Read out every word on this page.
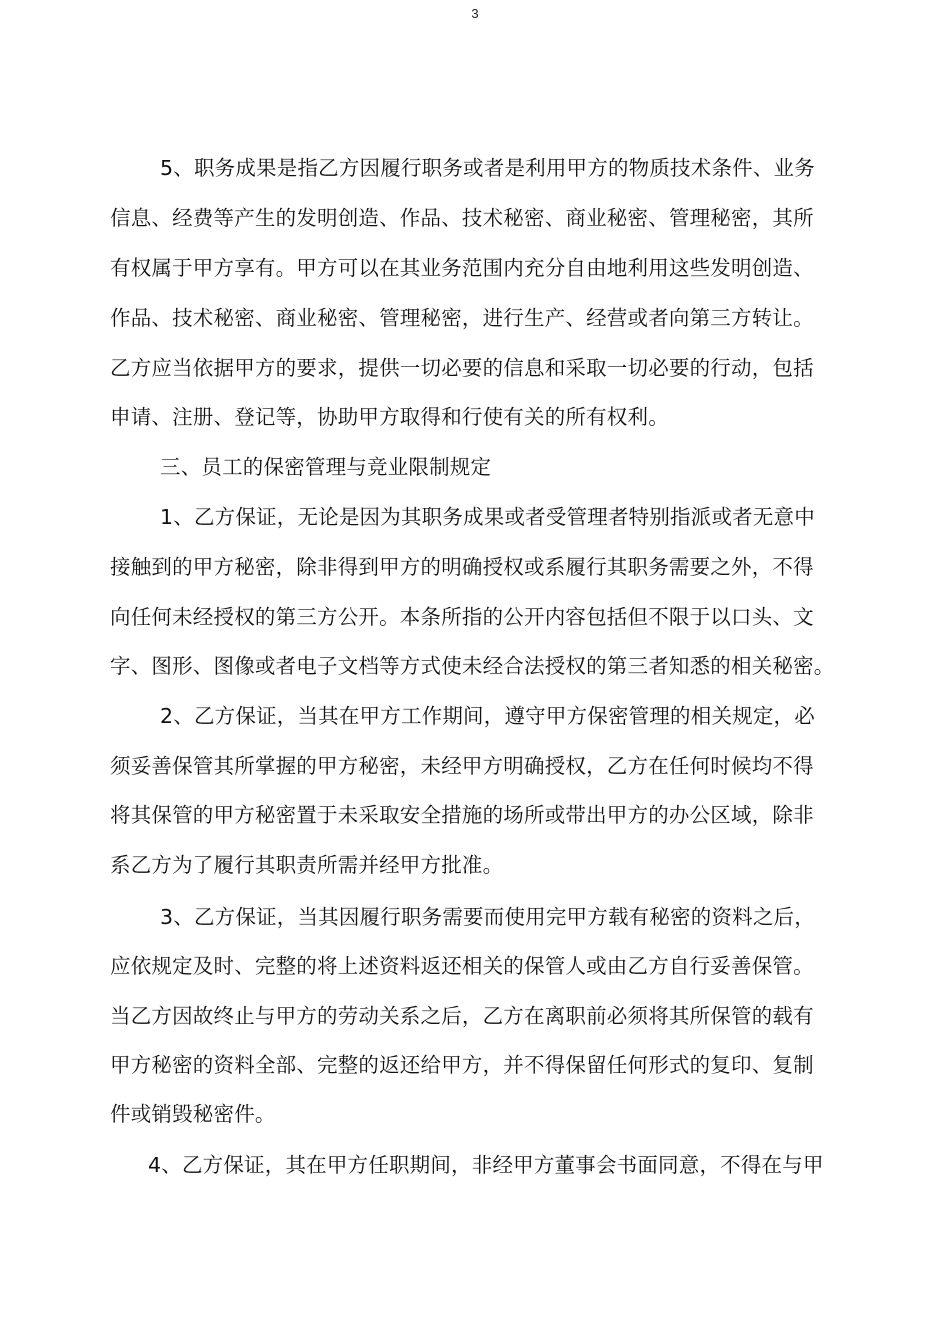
3
5、职务成果是指乙方因履行职务或者是利用甲方的物质技术条件、业务
信息、经费等产生的发明创造、作品、技术秘密、商业秘密、管理秘密，其所
有权属于甲方享有。甲方可以在其业务范围内充分自由地利用这些发明创造、
作品、技术秘密、商业秘密、管理秘密，进行生产、经营或者向第三方转让。
乙方应当依据甲方的要求，提供一切必要的信息和采取一切必要的行动，包括
申请、注册、登记等，协助甲方取得和行使有关的所有权利。
三、员工的保密管理与竞业限制规定
1、乙方保证，无论是因为其职务成果或者受管理者特别指派或者无意中
接触到的甲方秘密，除非得到甲方的明确授权或系履行其职务需要之外，不得
向任何未经授权的第三方公开。本条所指的公开内容包括但不限于以口头、文
字、图形、图像或者电子文档等方式使未经合法授权的第三者知悉的相关秘密。
2、乙方保证，当其在甲方工作期间，遵守甲方保密管理的相关规定，必
须妥善保管其所掌握的甲方秘密，未经甲方明确授权，乙方在任何时候均不得
将其保管的甲方秘密置于未采取安全措施的场所或带出甲方的办公区域，除非
系乙方为了履行其职责所需并经甲方批准。
3、乙方保证，当其因履行职务需要而使用完甲方载有秘密的资料之后，
应依规定及时、完整的将上述资料返还相关的保管人或由乙方自行妥善保管。
当乙方因故终止与甲方的劳动关系之后，乙方在离职前必须将其所保管的载有
甲方秘密的资料全部、完整的返还给甲方，并不得保留任何形式的复印、复制
件或销毁秘密件。
4、乙方保证，其在甲方任职期间，非经甲方董事会书面同意，不得在与甲
